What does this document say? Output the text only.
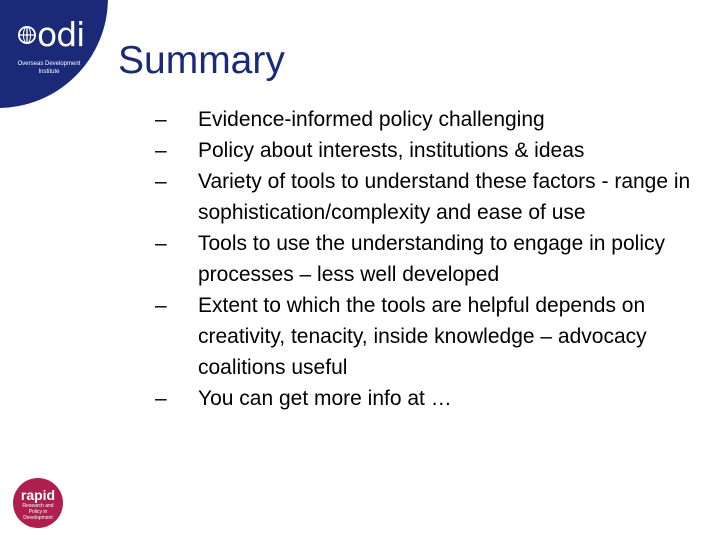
odi
Overseas Development Institute	Summary
– Evidence-informed policy challenging
– Policy about interests, institutions & ideas
– Variety of tools to understand these factors - range in sophistication/complexity and ease of use
– Tools to use the understanding to engage in policy processes – less well developed
– Extent to which the tools are helpful depends on creativity, tenacity, inside knowledge – advocacy coalitions useful
– You can get more info at …
rapid
Research and Policy in Development
